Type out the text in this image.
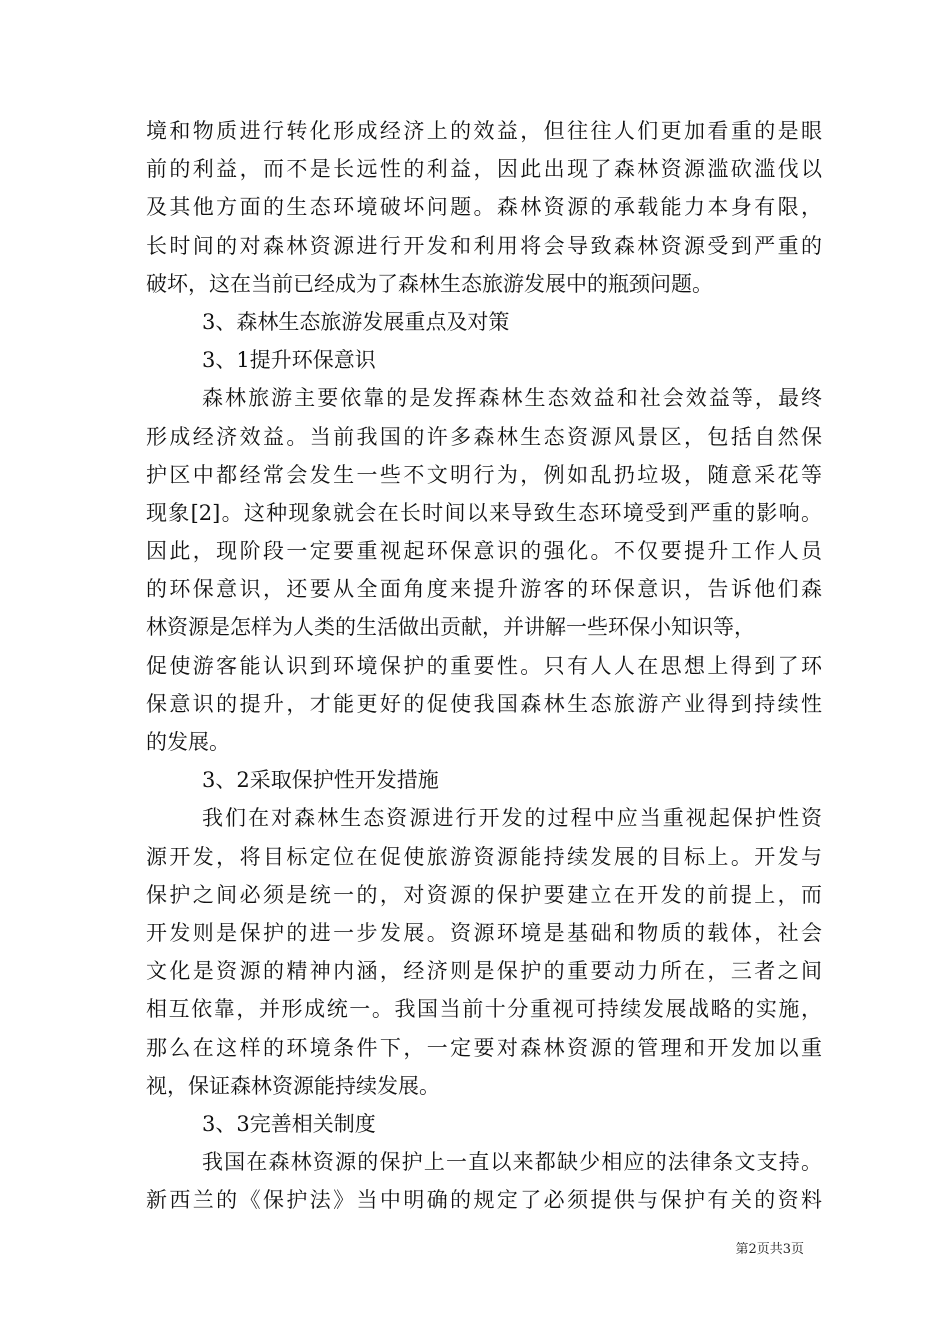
境和物质进行转化形成经济上的效益，但往往人们更加看重的是眼
前的利益，而不是长远性的利益，因此出现了森林资源滥砍滥伐以
及其他方面的生态环境破坏问题。森林资源的承载能力本身有限，
长时间的对森林资源进行开发和利用将会导致森林资源受到严重的
破坏，这在当前已经成为了森林生态旅游发展中的瓶颈问题。
3、森林生态旅游发展重点及对策
3、1提升环保意识
森林旅游主要依靠的是发挥森林生态效益和社会效益等，最终
形成经济效益。当前我国的许多森林生态资源风景区，包括自然保
护区中都经常会发生一些不文明行为，例如乱扔垃圾，随意采花等
现象[2]。这种现象就会在长时间以来导致生态环境受到严重的影响。
因此，现阶段一定要重视起环保意识的强化。不仅要提升工作人员
的环保意识，还要从全面角度来提升游客的环保意识，告诉他们森
林资源是怎样为人类的生活做出贡献，并讲解一些环保小知识等，
促使游客能认识到环境保护的重要性。只有人人在思想上得到了环
保意识的提升，才能更好的促使我国森林生态旅游产业得到持续性
的发展。
3、2采取保护性开发措施
我们在对森林生态资源进行开发的过程中应当重视起保护性资
源开发，将目标定位在促使旅游资源能持续发展的目标上。开发与
保护之间必须是统一的，对资源的保护要建立在开发的前提上，而
开发则是保护的进一步发展。资源环境是基础和物质的载体，社会
文化是资源的精神内涵，经济则是保护的重要动力所在，三者之间
相互依靠，并形成统一。我国当前十分重视可持续发展战略的实施，
那么在这样的环境条件下，一定要对森林资源的管理和开发加以重
视，保证森林资源能持续发展。
3、3完善相关制度
我国在森林资源的保护上一直以来都缺少相应的法律条文支持。
新西兰的《保护法》当中明确的规定了必须提供与保护有关的资料
第2页共3页
